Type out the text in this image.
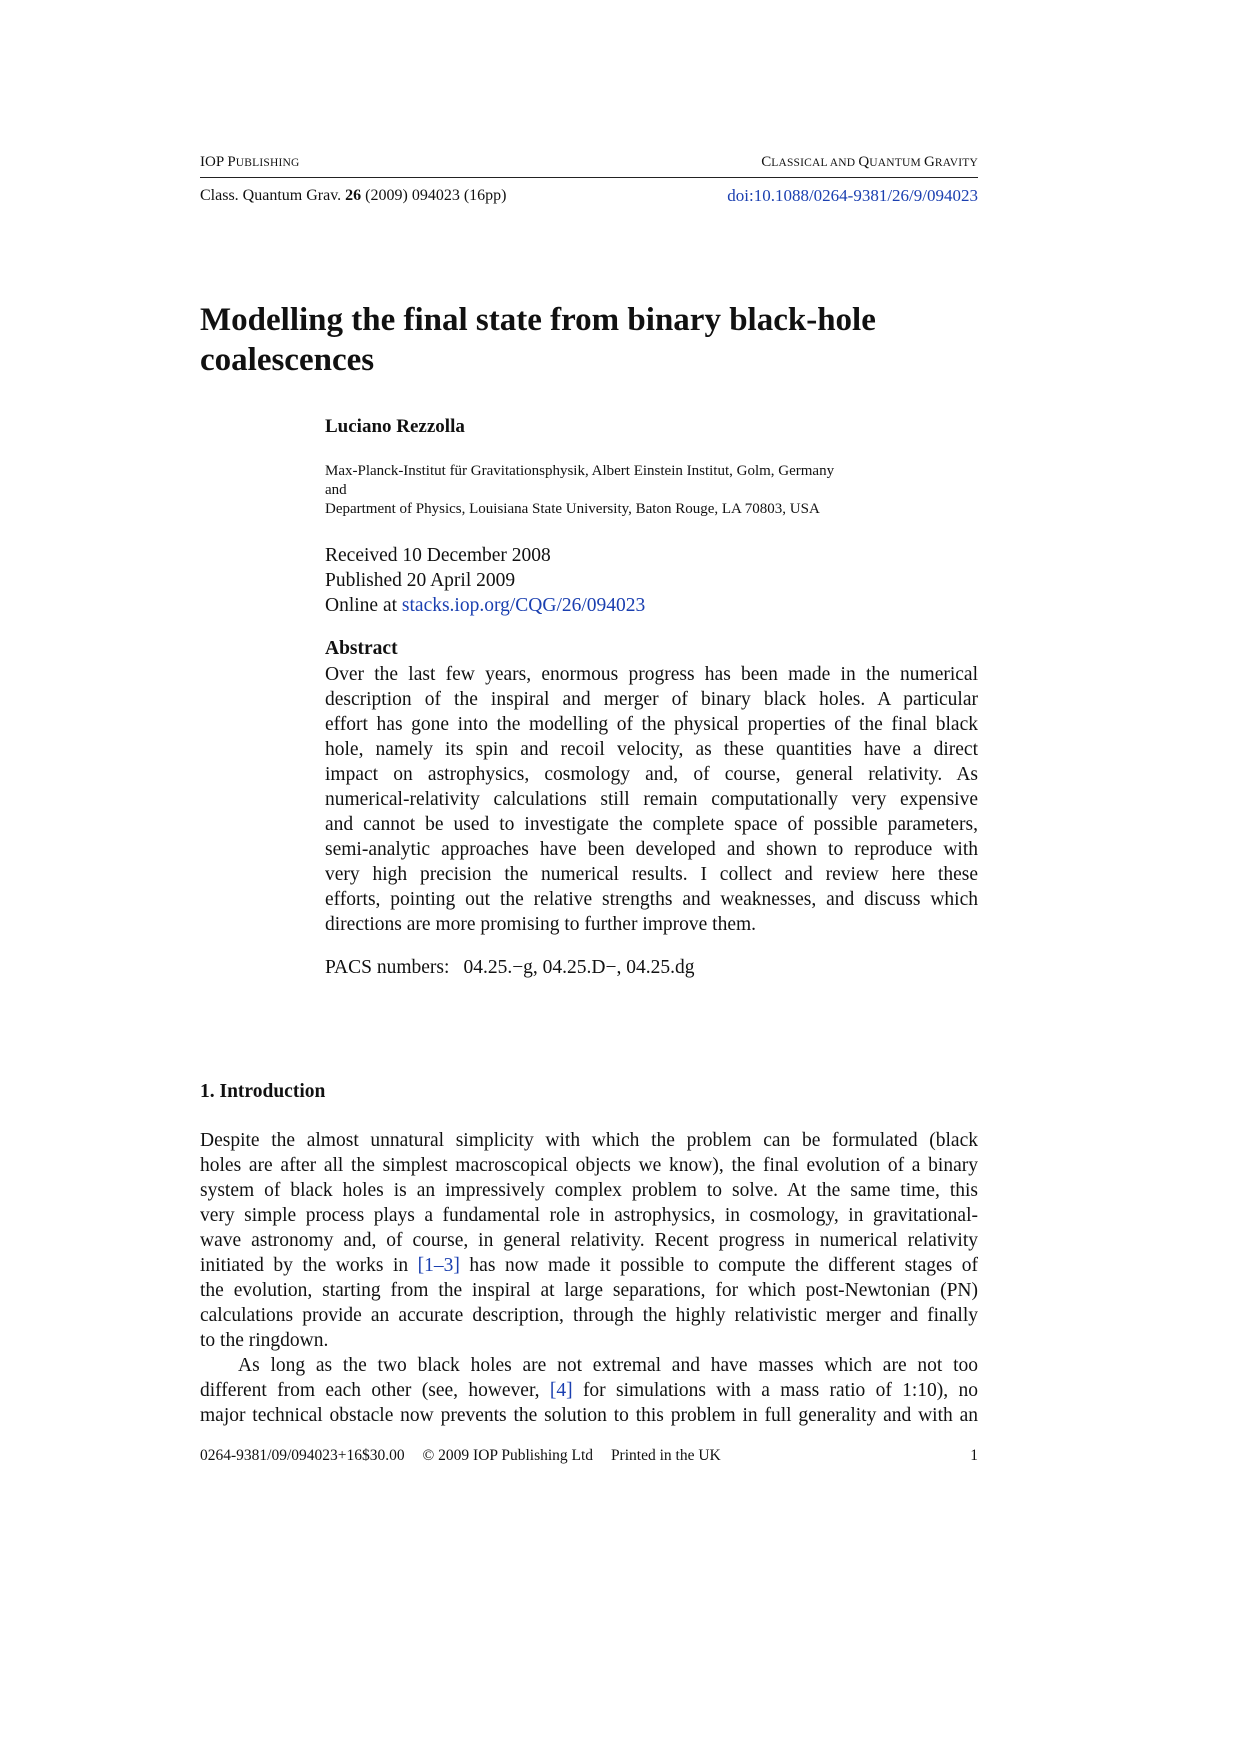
IOP PUBLISHING	CLASSICAL AND QUANTUM GRAVITY
Class. Quantum Grav. 26 (2009) 094023 (16pp)	doi:10.1088/0264-9381/26/9/094023
Modelling the final state from binary black-hole
coalescences
Luciano Rezzolla
Max-Planck-Institut für Gravitationsphysik, Albert Einstein Institut, Golm, Germany
and
Department of Physics, Louisiana State University, Baton Rouge, LA 70803, USA
Received 10 December 2008
Published 20 April 2009
Online at stacks.iop.org/CQG/26/094023
Abstract
Over the last few years, enormous progress has been made in the numerical
description of the inspiral and merger of binary black holes. A particular
effort has gone into the modelling of the physical properties of the final black
hole, namely its spin and recoil velocity, as these quantities have a direct
impact on astrophysics, cosmology and, of course, general relativity. As
numerical-relativity calculations still remain computationally very expensive
and cannot be used to investigate the complete space of possible parameters,
semi-analytic approaches have been developed and shown to reproduce with
very high precision the numerical results. I collect and review here these
efforts, pointing out the relative strengths and weaknesses, and discuss which
directions are more promising to further improve them.
PACS numbers: 04.25.−g, 04.25.D−, 04.25.dg
1. Introduction
Despite the almost unnatural simplicity with which the problem can be formulated (black
holes are after all the simplest macroscopical objects we know), the final evolution of a binary
system of black holes is an impressively complex problem to solve. At the same time, this
very simple process plays a fundamental role in astrophysics, in cosmology, in gravitational-
wave astronomy and, of course, in general relativity. Recent progress in numerical relativity
initiated by the works in [1–3] has now made it possible to compute the different stages of
the evolution, starting from the inspiral at large separations, for which post-Newtonian (PN)
calculations provide an accurate description, through the highly relativistic merger and finally
to the ringdown.
As long as the two black holes are not extremal and have masses which are not too
different from each other (see, however, [4] for simulations with a mass ratio of 1:10), no
major technical obstacle now prevents the solution to this problem in full generality and with an
0264-9381/09/094023+16$30.00 © 2009 IOP Publishing Ltd Printed in the UK	1
